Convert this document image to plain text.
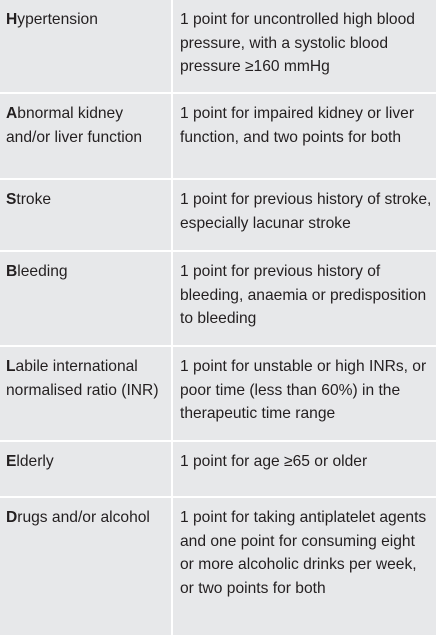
Hypertension	1 point for uncontrolled high blood pressure, with a systolic blood pressure ≥160 mmHg
Abnormal kidney and/or liver function	1 point for impaired kidney or liver function, and two points for both
Stroke	1 point for previous history of stroke, especially lacunar stroke
Bleeding	1 point for previous history of bleeding, anaemia or predisposition to bleeding
Labile international normalised ratio (INR)	1 point for unstable or high INRs, or poor time (less than 60%) in the therapeutic time range
Elderly	1 point for age ≥65 or older
Drugs and/or alcohol	1 point for taking antiplatelet agents and one point for consuming eight or more alcoholic drinks per week, or two points for both
